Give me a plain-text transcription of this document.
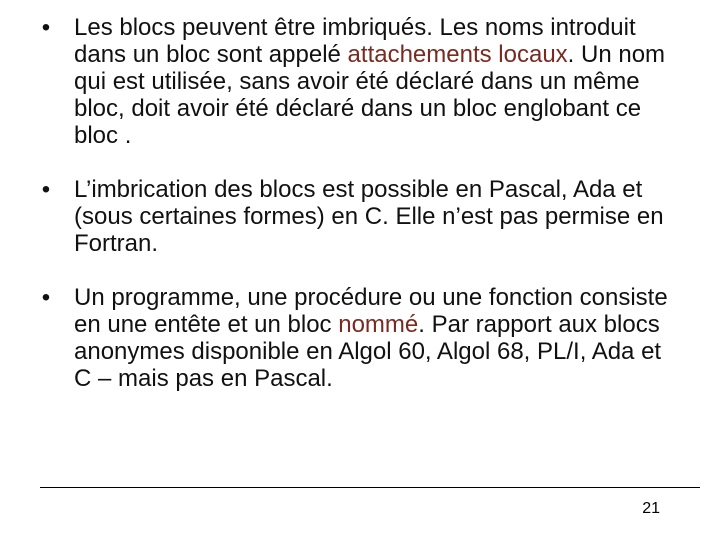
• Les blocs peuvent être imbriqués. Les noms introduit dans un bloc sont appelé attachements locaux. Un nom qui est utilisée, sans avoir été déclaré dans un même bloc, doit avoir été déclaré dans un bloc englobant ce bloc .

• L’imbrication des blocs est possible en Pascal, Ada et (sous certaines formes) en C. Elle n’est pas permise en Fortran.

• Un programme, une procédure ou une fonction consiste en une entête et un bloc nommé. Par rapport aux blocs anonymes disponible en Algol 60, Algol 68, PL/I, Ada et C – mais pas en Pascal.

21
